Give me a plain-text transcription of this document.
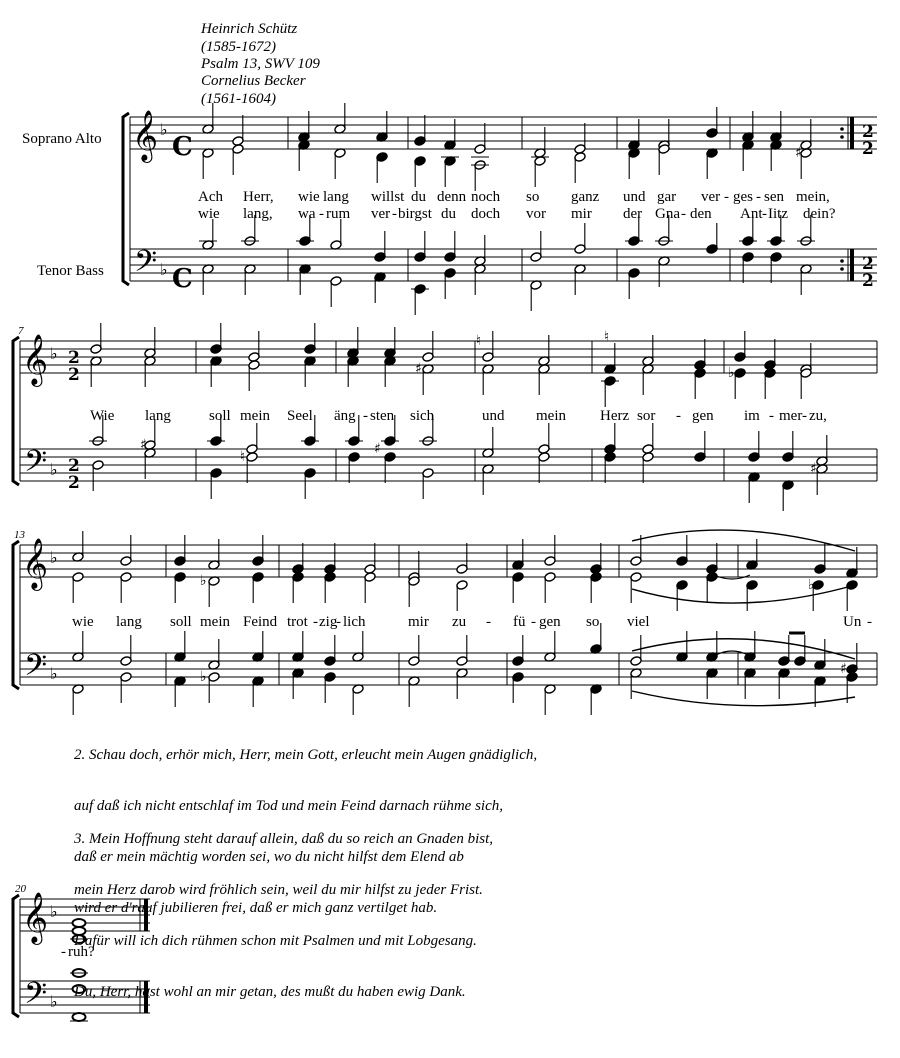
Heinrich Schütz
(1585-1672)
Psalm 13, SWV 109
Cornelius Becker
(1561-1604)
Soprano Alto
Tenor Bass
7
13
20
𝄞
𝄢
♭
♭
𝄞
𝄢
♭
♭
𝄞
𝄢
♭
♭
𝄞
𝄢
♭
♭
♯
♯
♮	♮
♭
♯
♮	♯
♯
♭	♭
♭	♯
C
C
2
2
2
2
2
2
2
2
Ach Herr, wie lang willst du denn noch so ganz und gar ver - ges - sen mein,
wie lang, wa - rum ver - birgst du doch vor mir der Gna - den Ant - Iitz dein?
Wie lang	soll mein Seel äng - sten sich	und mein Herz sor - gen im - mer - zu,
wie lang soll mein Feind trot - zig
- lich	mir zu - fü - gen so viel	Un -
- ruh?

2. Schau doch, erhör mich, Herr, mein Gott, erleucht mein Augen gnädiglich,

auf daß ich nicht entschlaf im Tod und mein Feind darnach rühme sich,

daß er mein mächtig worden sei, wo du nicht hilfst dem Elend ab

wird er d'rauf jubilieren frei, daß er mich ganz vertilget hab.

3. Mein Hoffnung steht darauf allein, daß du so reich an Gnaden bist,

mein Herz darob wird fröhlich sein, weil du mir hilfst zu jeder Frist.

Dafür will ich dich rühmen schon mit Psalmen und mit Lobgesang.

Du, Herr, hast wohl an mir getan, des mußt du haben ewig Dank.
